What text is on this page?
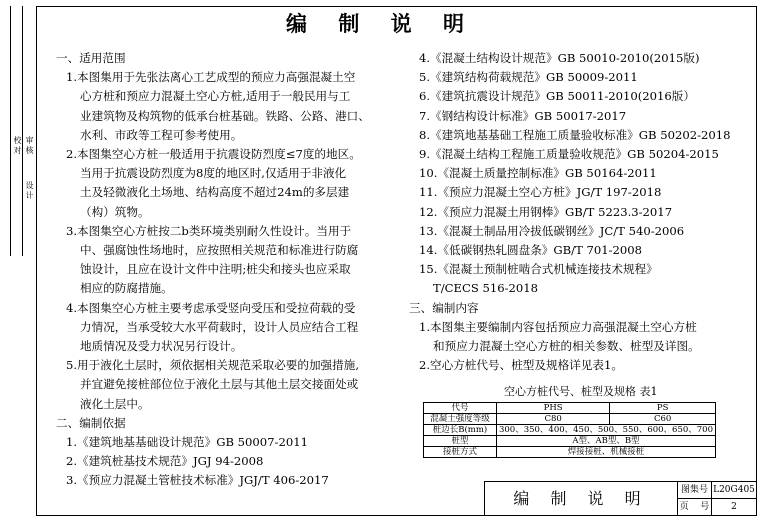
校对 审核
设计
编 制 说 明

一、适用范围

1.本图集用于先张法离心工艺成型的预应力高强混凝土空

心方桩和预应力混凝土空心方桩,适用于一般民用与工

业建筑物及构筑物的低承台桩基础。铁路、公路、港口、

水利、市政等工程可参考使用。

2.本图集空心方桩一般适用于抗震设防烈度≤7度的地区。

当用于抗震设防烈度为8度的地区时,仅适用于非液化

土及轻微液化土场地、结构高度不超过24m的多层建

（构）筑物。

3.本图集空心方桩按二b类环境类别耐久性设计。当用于

中、强腐蚀性场地时，应按照相关规范和标准进行防腐

蚀设计，且应在设计文件中注明;桩尖和接头也应采取

相应的防腐措施。

4.本图集空心方桩主要考虑承受竖向受压和受拉荷载的受

力情况，当承受较大水平荷载时，设计人员应结合工程

地质情况及受力状况另行设计。

5.用于液化土层时，须依据相关规范采取必要的加强措施,

并宜避免接桩部位位于液化土层与其他土层交接面处或

液化土层中。

二、编制依据

1.《建筑地基基础设计规范》GB 50007-2011

2.《建筑桩基技术规范》JGJ 94-2008

3.《预应力混凝土管桩技术标准》JGJ/T 406-2017

4.《混凝土结构设计规范》GB 50010-2010(2015版)

5.《建筑结构荷载规范》GB 50009-2011

6.《建筑抗震设计规范》GB 50011-2010(2016版）

7.《钢结构设计标准》GB 50017-2017

8.《建筑地基基础工程施工质量验收标准》GB 50202-2018

9.《混凝土结构工程施工质量验收规范》GB 50204-2015

10.《混凝土质量控制标准》GB 50164-2011

11.《预应力混凝土空心方桩》JG/T 197-2018

12.《预应力混凝土用钢棒》GB/T 5223.3-2017

13.《混凝土制品用冷拔低碳钢丝》JC/T 540-2006

14.《低碳钢热轧圆盘条》GB/T 701-2008

15.《混凝土预制桩啮合式机械连接技术规程》

T/CECS 516-2018

三、编制内容

1.本图集主要编制内容包括预应力高强混凝土空心方桩

和预应力混凝土空心方桩的相关参数、桩型及详图。

2.空心方桩代号、桩型及规格详见表1。

空心方桩代号、桩型及规格 表1
代号	PHS	PS
混凝土强度等级	C80	C60
桩边长B(mm)	300、350、400、450、500、550、600、650、700	
桩型	A型、AB型、B型	
接桩方式	焊接接桩、机械接桩	
编 制 说 明	图集号 L20G405
页    号	2
